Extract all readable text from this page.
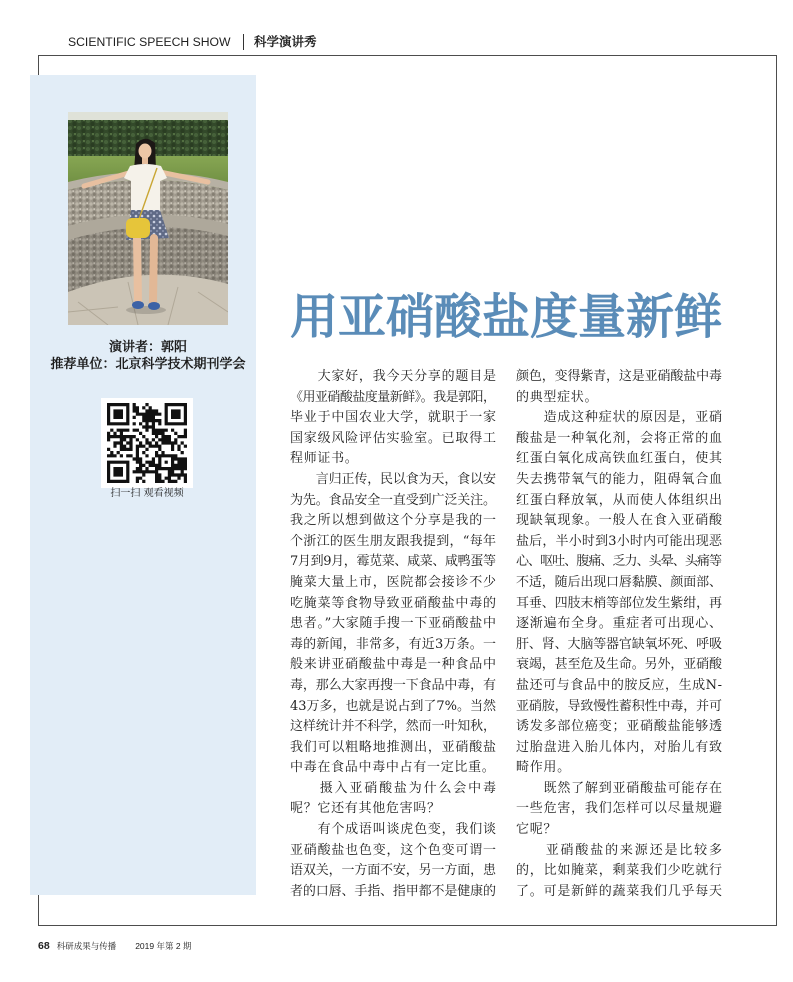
SCIENTIFIC SPEECH SHOW 科学演讲秀
演讲者：郭阳
推荐单位：北京科学技术期刊学会
扫一扫 观看视频
用亚硝酸盐度量新鲜
　　大家好，我今天分享的题目是
《用亚硝酸盐度量新鲜》。我是郭阳，
毕业于中国农业大学，就职于一家
国家级风险评估实验室。已取得工
程师证书。
　　言归正传，民以食为天，食以安
为先。食品安全一直受到广泛关注。
我之所以想到做这个分享是我的一
个浙江的医生朋友跟我提到，“每年
7月到9月，霉苋菜、咸菜、咸鸭蛋等
腌菜大量上市，医院都会接诊不少
吃腌菜等食物导致亚硝酸盐中毒的
患者。”大家随手搜一下亚硝酸盐中
毒的新闻，非常多，有近3万条。一
般来讲亚硝酸盐中毒是一种食品中
毒，那么大家再搜一下食品中毒，有
43万多，也就是说占到了7%。当然
这样统计并不科学，然而一叶知秋，
我们可以粗略地推测出，亚硝酸盐
中毒在食品中毒中占有一定比重。
　　摄入亚硝酸盐为什么会中毒
呢？它还有其他危害吗？
　　有个成语叫谈虎色变，我们谈
亚硝酸盐也色变，这个色变可谓一
语双关，一方面不安，另一方面，患
者的口唇、手指、指甲都不是健康的
颜色，变得紫青，这是亚硝酸盐中毒
的典型症状。
　　造成这种症状的原因是，亚硝
酸盐是一种氧化剂，会将正常的血
红蛋白氧化成高铁血红蛋白，使其
失去携带氧气的能力，阻碍氧合血
红蛋白释放氧，从而使人体组织出
现缺氧现象。一般人在食入亚硝酸
盐后，半小时到3小时内可能出现恶
心、呕吐、腹痛、乏力、头晕、头痛等
不适，随后出现口唇黏膜、颜面部、
耳垂、四肢末梢等部位发生紫绀，再
逐渐遍布全身。重症者可出现心、
肝、肾、大脑等器官缺氧坏死、呼吸
衰竭，甚至危及生命。另外，亚硝酸
盐还可与食品中的胺反应，生成N-
亚硝胺，导致慢性蓄积性中毒，并可
诱发多部位癌变；亚硝酸盐能够透
过胎盘进入胎儿体内，对胎儿有致
畸作用。
　　既然了解到亚硝酸盐可能存在
一些危害，我们怎样可以尽量规避
它呢？
　　亚硝酸盐的来源还是比较多
的，比如腌菜，剩菜我们少吃就行
了。可是新鲜的蔬菜我们几乎每天
68 科研成果与传播 2019 年第 2 期
